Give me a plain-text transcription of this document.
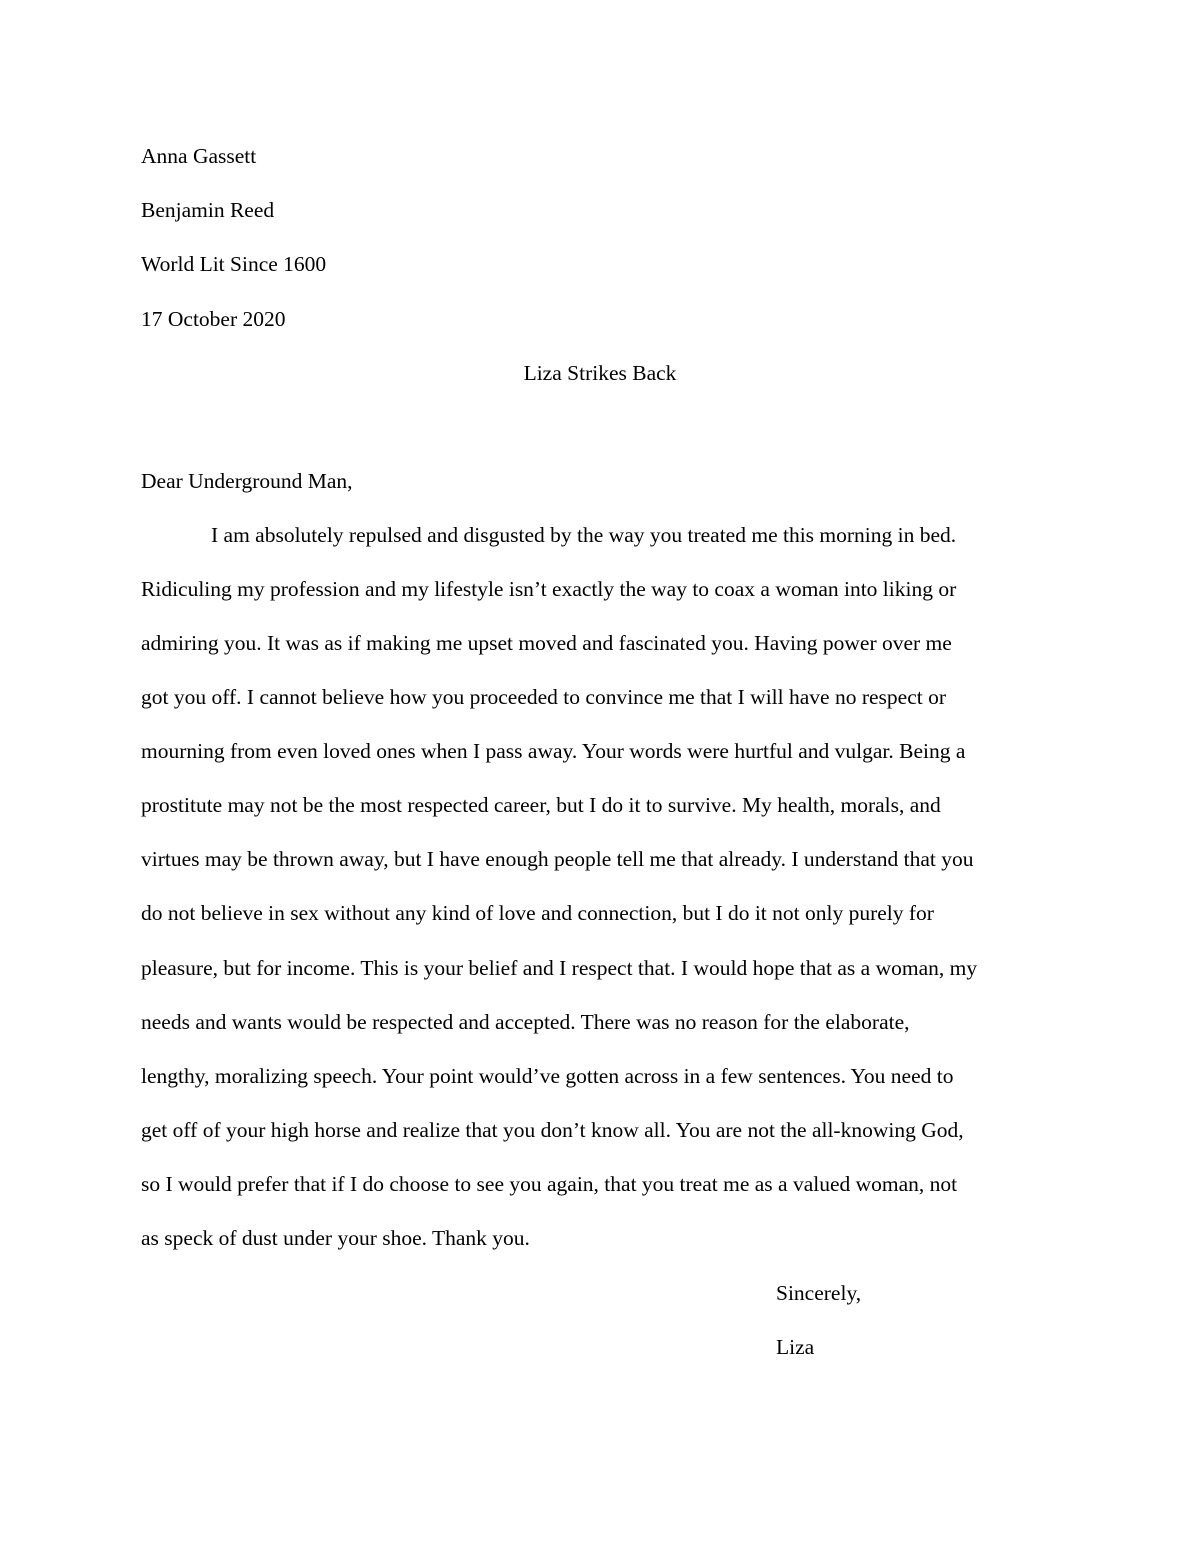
Anna Gassett
Benjamin Reed
World Lit Since 1600
17 October 2020
Liza Strikes Back
Dear Underground Man,
I am absolutely repulsed and disgusted by the way you treated me this morning in bed.
Ridiculing my profession and my lifestyle isn’t exactly the way to coax a woman into liking or
admiring you. It was as if making me upset moved and fascinated you. Having power over me
got you off. I cannot believe how you proceeded to convince me that I will have no respect or
mourning from even loved ones when I pass away. Your words were hurtful and vulgar. Being a
prostitute may not be the most respected career, but I do it to survive. My health, morals, and
virtues may be thrown away, but I have enough people tell me that already. I understand that you
do not believe in sex without any kind of love and connection, but I do it not only purely for
pleasure, but for income. This is your belief and I respect that. I would hope that as a woman, my
needs and wants would be respected and accepted. There was no reason for the elaborate,
lengthy, moralizing speech. Your point would’ve gotten across in a few sentences. You need to
get off of your high horse and realize that you don’t know all. You are not the all-knowing God,
so I would prefer that if I do choose to see you again, that you treat me as a valued woman, not
as speck of dust under your shoe. Thank you.
Sincerely,
Liza
